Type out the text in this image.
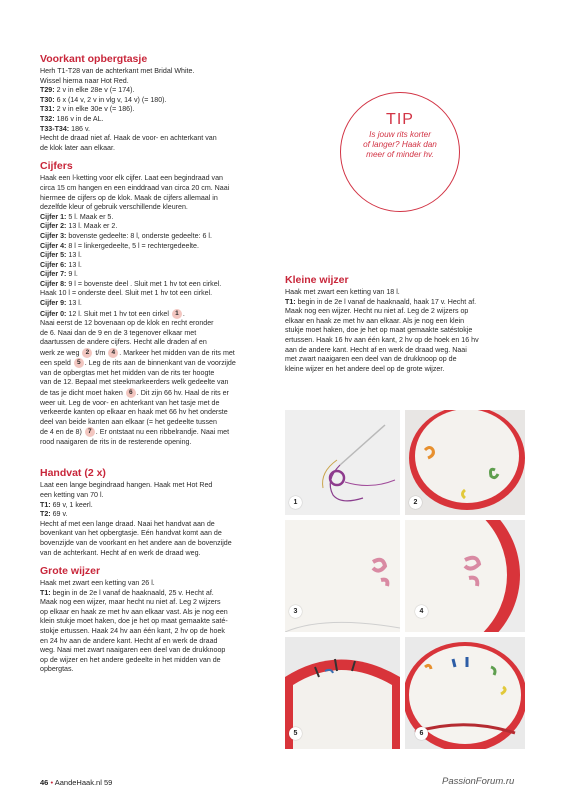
Voorkant opbergtasje

Herh T1-T28 van de achterkant met Bridal White.

Wissel hierna naar Hot Red.

T29: 2 v in elke 28e v (= 174).

T30: 6 x (14 v, 2 v in vlg v, 14 v) (= 180).

T31: 2 v in elke 30e v (= 186).

T32: 186 v in de AL.

T33-T34: 186 v.

Hecht de draad niet af. Haak de voor- en achterkant van

de klok later aan elkaar.

Cijfers

Haak een l-ketting voor elk cijfer. Laat een begindraad van

circa 15 cm hangen en een einddraad van circa 20 cm. Naai

hiermee de cijfers op de klok. Maak de cijfers allemaal in

dezelfde kleur of gebruik verschillende kleuren.

Cijfer 1: 5 l. Maak er 5.

Cijfer 2: 13 l. Maak er 2.

Cijfer 3: bovenste gedeelte: 8 l, onderste gedeelte: 6 l.

Cijfer 4: 8 l = linkergedeelte, 5 l = rechtergedeelte.

Cijfer 5: 13 l.

Cijfer 6: 13 l.

Cijfer 7: 9 l.

Cijfer 8: 9 l = bovenste deel . Sluit met 1 hv tot een cirkel.

Haak 10 l = onderste deel. Sluit met 1 hv tot een cirkel.

Cijfer 9: 13 l.

Cijfer 0: 12 l. Sluit met 1 hv tot een cirkel 1 .

Naai eerst de 12 bovenaan op de klok en recht eronder

de 6. Naai dan de 9 en de 3 tegenover elkaar met

daartussen de andere cijfers. Hecht alle draden af en

werk ze weg 2 t/m 4 . Markeer het midden van de rits met

een speld 5 . Leg de rits aan de binnenkant van de voorzijde

van de opbergtas met het midden van de rits ter hoogte

van de 12. Bepaal met steekmarkeerders welk gedeelte van

de tas je dicht moet haken 6 . Dit zijn 66 hv. Haal de rits er

weer uit. Leg de voor- en achterkant van het tasje met de

verkeerde kanten op elkaar en haak met 66 hv het onderste

deel van beide kanten aan elkaar (= het gedeelte tussen

de 4 en de 8) 7 . Er ontstaat nu een ribbelrandje. Naai met

rood naaigaren de rits in de resterende opening.

Handvat (2 x)

Laat een lange begindraad hangen. Haak met Hot Red

een ketting van 70 l.

T1: 69 v, 1 keerl.

T2: 69 v.

Hecht af met een lange draad. Naai het handvat aan de

bovenkant van het opbergtasje. Eén handvat komt aan de

bovenzijde van de voorkant en het andere aan de bovenzijde

van de achterkant. Hecht af en werk de draad weg.

Grote wijzer

Haak met zwart een ketting van 26 l.

T1: begin in de 2e l vanaf de haaknaald, 25 v. Hecht af.

Maak nog een wijzer, maar hecht nu niet af. Leg 2 wijzers

op elkaar en haak ze met hv aan elkaar vast. Als je nog een

klein stukje moet haken, doe je het op maat gemaakte saté-

stokje ertussen. Haak 24 hv aan één kant, 2 hv op de hoek

en 24 hv aan de andere kant. Hecht af en werk de draad

weg. Naai met zwart naaigaren een deel van de drukknoop

op de wijzer en het andere gedeelte in het midden van de

opbergtas.

TIP
Is jouw rits korter
of langer? Haak dan
meer of minder hv.
Kleine wijzer

Haak met zwart een ketting van 18 l.

T1: begin in de 2e l vanaf de haaknaald, haak 17 v. Hecht af.

Maak nog een wijzer. Hecht nu niet af. Leg de 2 wijzers op

elkaar en haak ze met hv aan elkaar. Als je nog een klein

stukje moet haken, doe je het op maat gemaakte satéstokje

ertussen. Haak 16 hv aan één kant, 2 hv op de hoek en 16 hv

aan de andere kant. Hecht af en werk de draad weg. Naai

met zwart naaigaren een deel van de drukknoop op de

kleine wijzer en het andere deel op de grote wijzer.

1	2
3	4
5	6
46 • AandeHaak.nl 59	PassionForum.ru
